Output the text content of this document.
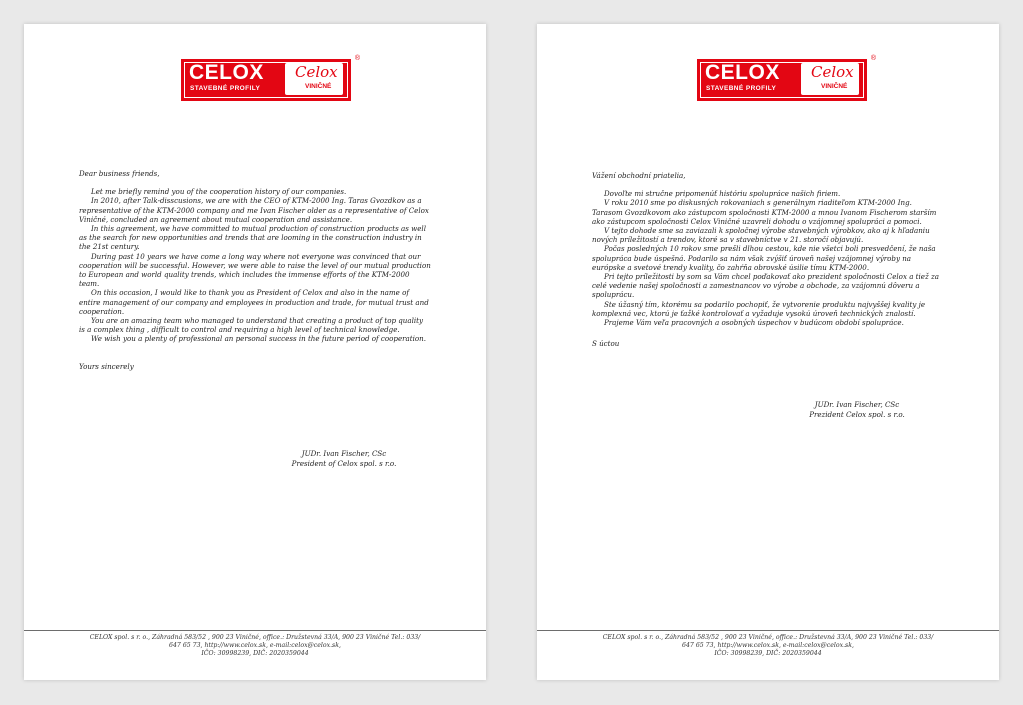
CELOX
STAVEBNÉ PROFILY
Celox
VINIČNÉ
®

Dear business friends,

Let me briefly remind you of the cooperation history of our companies.

In 2010, after Talk-disscusions, we are with the CEO of KTM-2000 Ing. Taras Gvozdkov as a representative of the KTM-2000 company and me Ivan Fischer older as a representative of Celox Viničné, concluded an agreement about mutual cooperation and assistance.

In this agreement, we have committed to mutual production of construction products as well as the search for new opportunities and trends that are looming in the construction industry in the 21st century.

During past 10 years we have come a long way where not everyone was convinced that our cooperation will be successful. However, we were able to raise the level of our mutual production to European and world quality trends, which includes the immense efforts of the KTM-2000 team.

On this occasion, I would like to thank you as President of Celox and also in the name of entire management of our company and employees in production and trade, for mutual trust and cooperation.

You are an amazing team who managed to understand that creating a product of top quality is a complex thing , difficult to control and requiring a high level of technical knowledge.

We wish you a plenty of professional an personal success in the future period of cooperation.

Yours sincerely

JUDr. Ivan Fischer, CSc
President of Celox spol. s r.o.
CELOX spol. s r. o., Záhradná 583/52 , 900 23 Viničné, office.: Družstevná 33/A, 900 23 Viničné Tel.: 033/
647 65 73, http://www.celox.sk, e-mail:celox@celox.sk,
IČO: 30998239, DIČ: 2020359044
CELOX
STAVEBNÉ PROFILY
Celox
VINIČNÉ
®

Vážení obchodní priatelia,

Dovoľte mi stručne pripomenúť históriu spolupráce našich firiem.

V roku 2010 sme po diskusných rokovaniach s generálnym riaditeľom KTM-2000 Ing. Tarasom Gvozdkovom ako zástupcom spoločnosti KTM-2000 a mnou Ivanom Fischerom starším ako zástupcom spoločnosti Celox Viničné uzavreli dohodu o vzájomnej spolupráci a pomoci.

V tejto dohode sme sa zaviazali k spoločnej výrobe stavebných výrobkov, ako aj k hľadaniu nových príležitostí a trendov, ktoré sa v stavebníctve v 21. storočí objavujú.

Počas posledných 10 rokov sme prešli dlhou cestou, kde nie všetci boli presvedčení, že naša spolupráca bude úspešná. Podarilo sa nám však zvýšiť úroveň našej vzájomnej výroby na európske a svetové trendy kvality, čo zahŕňa obrovské úsilie tímu KTM-2000.

Pri tejto príležitosti by som sa Vám chcel poďakovať ako prezident spoločnosti Celox a tiež za celé vedenie našej spoločnosti a zamestnancov vo výrobe a obchode, za vzájomnú dôveru a spoluprácu.

Ste úžasný tím, ktorému sa podarilo pochopiť, že vytvorenie produktu najvyššej kvality je komplexná vec, ktorú je ťažké kontrolovať a vyžaduje vysokú úroveň technických znalostí.

Prajeme Vám veľa pracovných a osobných úspechov v budúcom období spolupráce.

S úctou

JUDr. Ivan Fischer, CSc
Prezident Celox spol. s r.o.
CELOX spol. s r. o., Záhradná 583/52 , 900 23 Viničné, office.: Družstevná 33/A, 900 23 Viničné Tel.: 033/
647 65 73, http://www.celox.sk, e-mail:celox@celox.sk,
IČO: 30998239, DIČ: 2020359044
